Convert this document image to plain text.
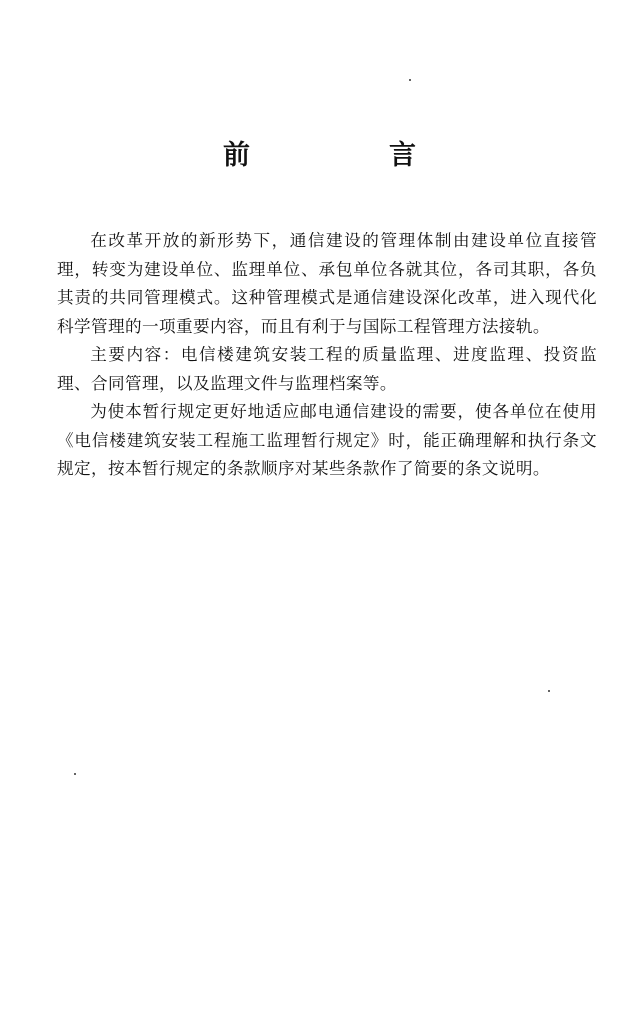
前　言

在改革开放的新形势下，通信建设的管理体制由建设单位直接管理，转变为建设单位、监理单位、承包单位各就其位，各司其职，各负其责的共同管理模式。这种管理模式是通信建设深化改革，进入现代化科学管理的一项重要内容，而且有利于与国际工程管理方法接轨。

主要内容：电信楼建筑安装工程的质量监理、进度监理、投资监理、合同管理，以及监理文件与监理档案等。

为使本暂行规定更好地适应邮电通信建设的需要，使各单位在使用《电信楼建筑安装工程施工监理暂行规定》时，能正确理解和执行条文规定，按本暂行规定的条款顺序对某些条款作了简要的条文说明。
